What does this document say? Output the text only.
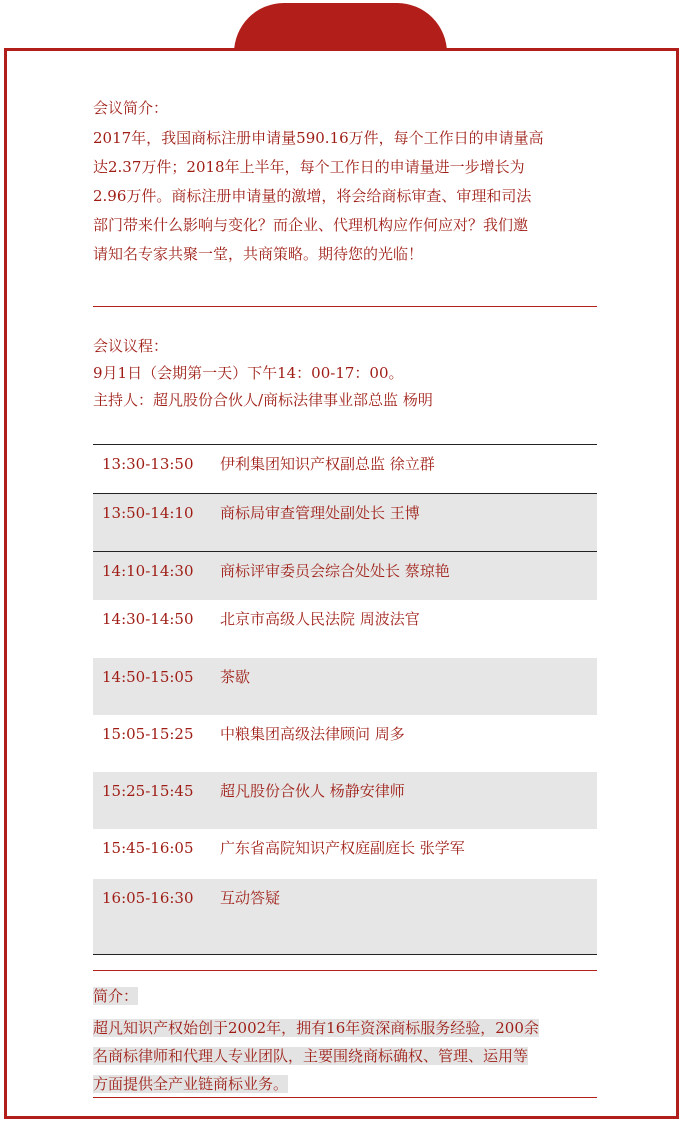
会议简介：
2017年，我国商标注册申请量590.16万件，每个工作日的申请量高
达2.37万件；2018年上半年，每个工作日的申请量进一步增长为
2.96万件。商标注册申请量的激增，将会给商标审查、审理和司法
部门带来什么影响与变化？而企业、代理机构应作何应对？我们邀
请知名专家共聚一堂，共商策略。期待您的光临！
会议议程：
9月1日（会期第一天）下午14：00-17：00。
主持人：超凡股份合伙人/商标法律事业部总监 杨明
13:30-13:50 伊利集团知识产权副总监 徐立群
13:50-14:10 商标局审查管理处副处长 王博
14:10-14:30 商标评审委员会综合处处长 蔡琼艳
14:30-14:50 北京市高级人民法院 周波法官
14:50-15:05 茶歇
15:05-15:25 中粮集团高级法律顾问 周多
15:25-15:45 超凡股份合伙人 杨静安律师
15:45-16:05 广东省高院知识产权庭副庭长 张学军
16:05-16:30 互动答疑
简介：
超凡知识产权始创于2002年，拥有16年资深商标服务经验，200余
名商标律师和代理人专业团队，主要围绕商标确权、管理、运用等
方面提供全产业链商标业务。
